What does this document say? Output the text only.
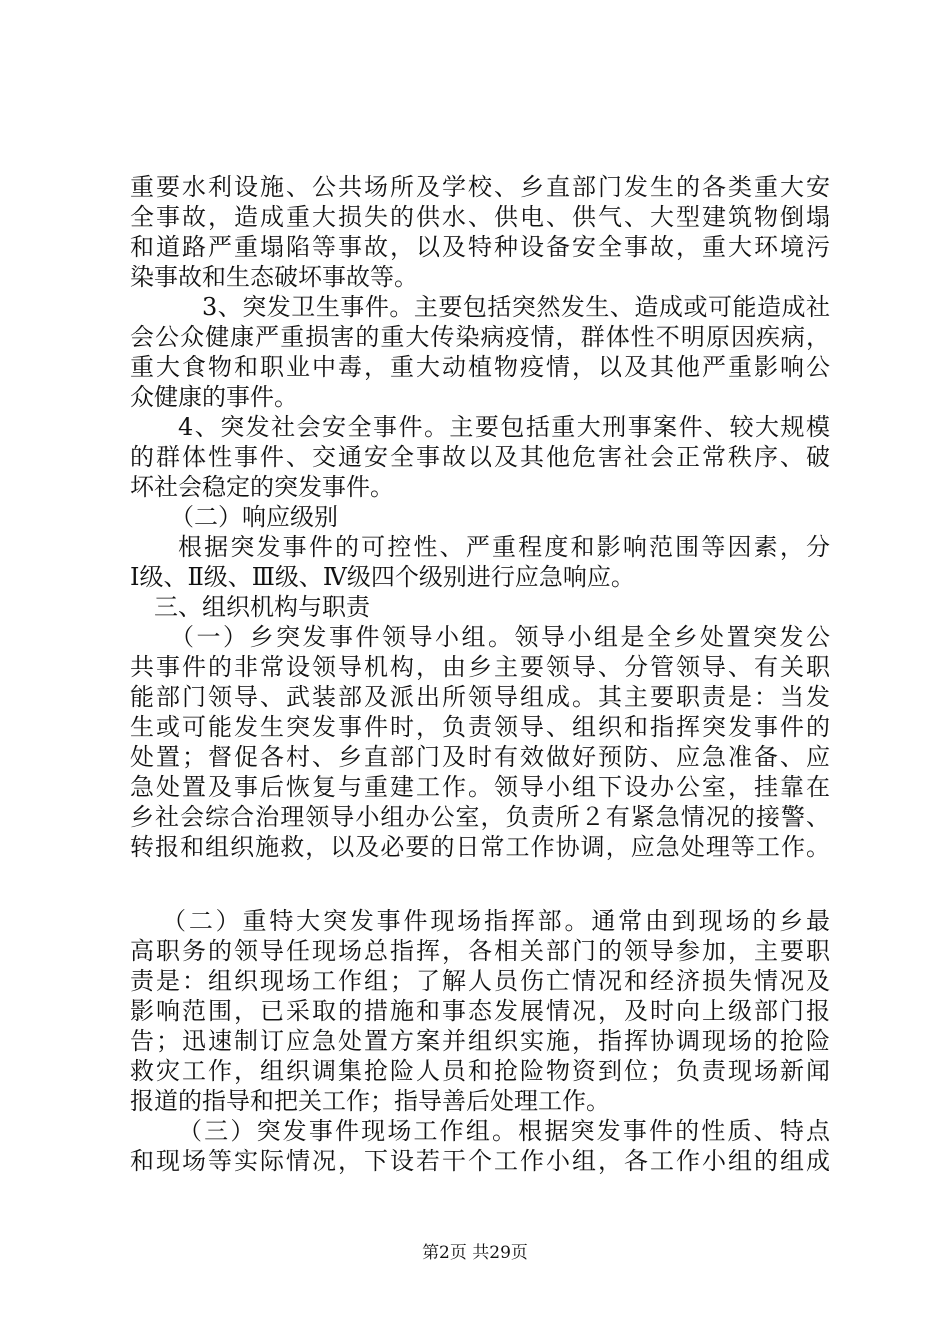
重要水利设施、公共场所及学校、乡直部门发生的各类重大安
全事故，造成重大损失的供水、供电、供气、大型建筑物倒塌
和道路严重塌陷等事故，以及特种设备安全事故，重大环境污
染事故和生态破坏事故等。
3、突发卫生事件。主要包括突然发生、造成或可能造成社
会公众健康严重损害的重大传染病疫情，群体性不明原因疾病，
重大食物和职业中毒，重大动植物疫情，以及其他严重影响公
众健康的事件。
4、突发社会安全事件。主要包括重大刑事案件、较大规模
的群体性事件、交通安全事故以及其他危害社会正常秩序、破
坏社会稳定的突发事件。
（二）响应级别
根据突发事件的可控性、严重程度和影响范围等因素，分
Ⅰ级、Ⅱ级、Ⅲ级、Ⅳ级四个级别进行应急响应。
三、组织机构与职责
（一）乡突发事件领导小组。领导小组是全乡处置突发公
共事件的非常设领导机构，由乡主要领导、分管领导、有关职
能部门领导、武装部及派出所领导组成。其主要职责是：当发
生或可能发生突发事件时，负责领导、组织和指挥突发事件的
处置；督促各村、乡直部门及时有效做好预防、应急准备、应
急处置及事后恢复与重建工作。领导小组下设办公室，挂靠在
乡社会综合治理领导小组办公室，负责所２有紧急情况的接警、
转报和组织施救，以及必要的日常工作协调，应急处理等工作。
（二）重特大突发事件现场指挥部。通常由到现场的乡最
高职务的领导任现场总指挥，各相关部门的领导参加，主要职
责是：组织现场工作组；了解人员伤亡情况和经济损失情况及
影响范围，已采取的措施和事态发展情况，及时向上级部门报
告；迅速制订应急处置方案并组织实施，指挥协调现场的抢险
救灾工作，组织调集抢险人员和抢险物资到位；负责现场新闻
报道的指导和把关工作；指导善后处理工作。
（三）突发事件现场工作组。根据突发事件的性质、特点
和现场等实际情况，下设若干个工作小组，各工作小组的组成
第2页 共29页
